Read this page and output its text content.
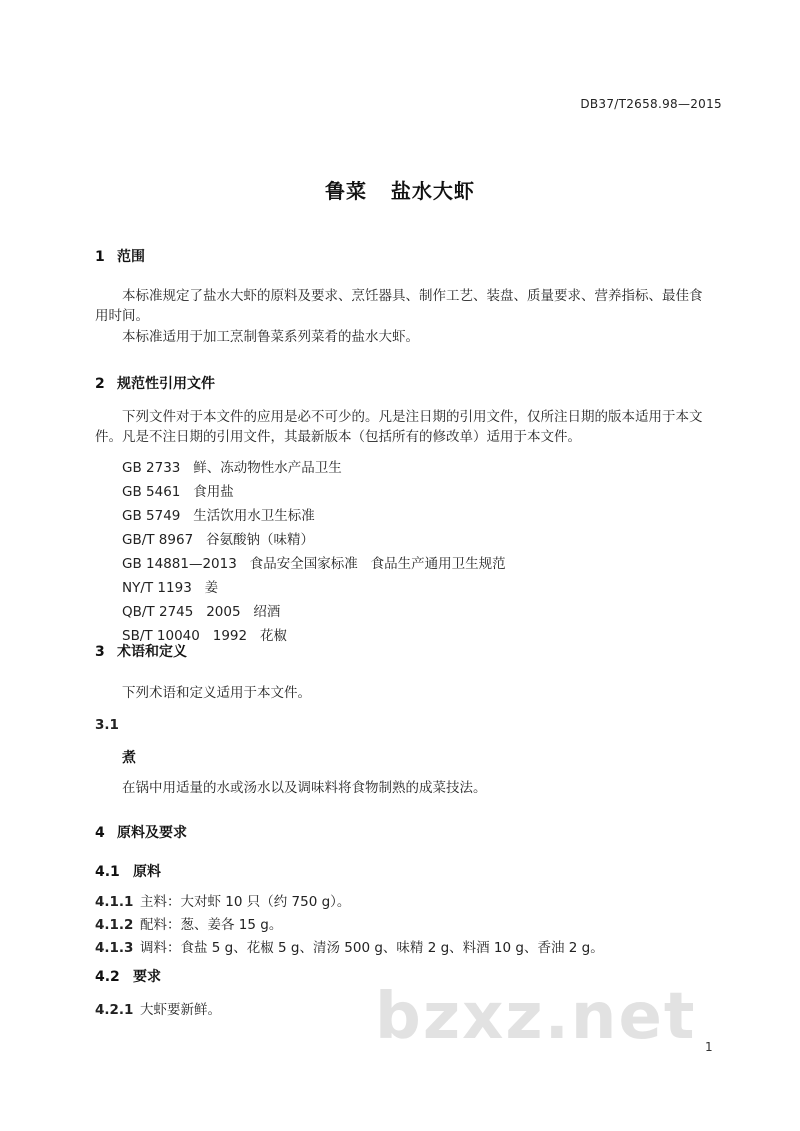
DB37/T2658.98—2015
鲁菜   盐水大虾
1 范围
本标准规定了盐水大虾的原料及要求、烹饪器具、制作工艺、装盘、质量要求、营养指标、最佳食用时间。
本标准适用于加工烹制鲁菜系列菜肴的盐水大虾。
2 规范性引用文件
下列文件对于本文件的应用是必不可少的。凡是注日期的引用文件，仅所注日期的版本适用于本文件。凡是不注日期的引用文件，其最新版本（包括所有的修改单）适用于本文件。
GB 2733   鲜、冻动物性水产品卫生
GB 5461   食用盐
GB 5749   生活饮用水卫生标准
GB/T 8967   谷氨酸钠（味精）
GB 14881—2013   食品安全国家标准   食品生产通用卫生规范
NY/T 1193   姜
QB/T 2745   2005   绍酒
SB/T 10040   1992   花椒
3 术语和定义
下列术语和定义适用于本文件。
3.1
煮
在锅中用适量的水或汤水以及调味料将食物制熟的成菜技法。
4 原料及要求
4.1 原料
4.1.1 主料：大对虾 10 只（约 750 g）。
4.1.2 配料：葱、姜各 15 g。
4.1.3 调料：食盐 5 g、花椒 5 g、清汤 500 g、味精 2 g、料酒 10 g、香油 2 g。
4.2 要求
4.2.1 大虾要新鲜。 bzxz.net 1
